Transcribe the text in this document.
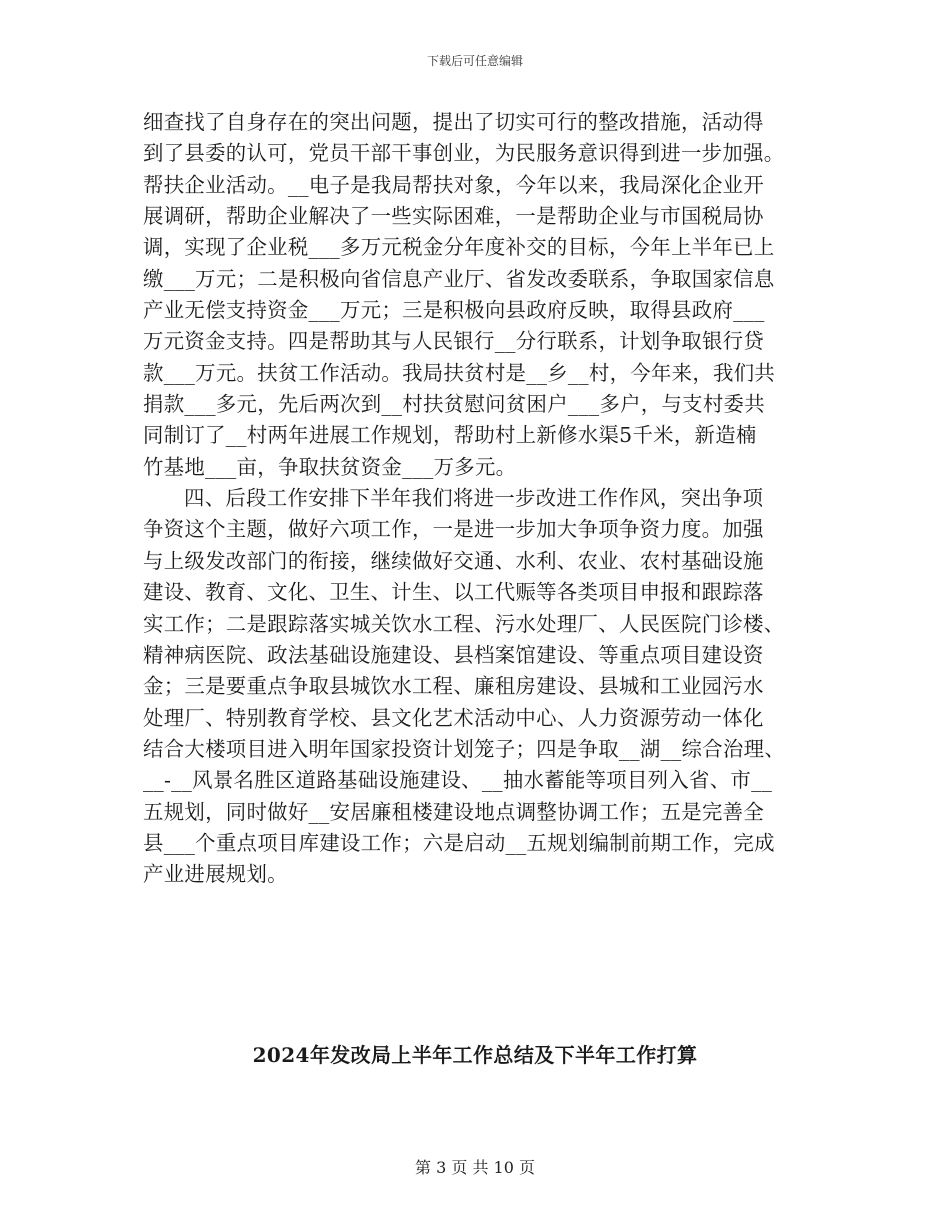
下载后可任意编辑
细查找了自身存在的突出问题，提出了切实可行的整改措施，活动得
到了县委的认可，党员干部干事创业，为民服务意识得到进一步加强。
帮扶企业活动。__电子是我局帮扶对象，今年以来，我局深化企业开
展调研，帮助企业解决了一些实际困难，一是帮助企业与市国税局协
调，实现了企业税___多万元税金分年度补交的目标，今年上半年已上
缴___万元；二是积极向省信息产业厅、省发改委联系，争取国家信息
产业无偿支持资金___万元；三是积极向县政府反映，取得县政府___
万元资金支持。四是帮助其与人民银行__分行联系，计划争取银行贷
款___万元。扶贫工作活动。我局扶贫村是__乡__村，今年来，我们共
捐款___多元，先后两次到__村扶贫慰问贫困户___多户，与支村委共
同制订了__村两年进展工作规划，帮助村上新修水渠5千米，新造楠
竹基地___亩，争取扶贫资金___万多元。
四、后段工作安排下半年我们将进一步改进工作作风，突出争项
争资这个主题，做好六项工作，一是进一步加大争项争资力度。加强
与上级发改部门的衔接，继续做好交通、水利、农业、农村基础设施
建设、教育、文化、卫生、计生、以工代赈等各类项目申报和跟踪落
实工作；二是跟踪落实城关饮水工程、污水处理厂、人民医院门诊楼、
精神病医院、政法基础设施建设、县档案馆建设、等重点项目建设资
金；三是要重点争取县城饮水工程、廉租房建设、县城和工业园污水
处理厂、特别教育学校、县文化艺术活动中心、人力资源劳动一体化
结合大楼项目进入明年国家投资计划笼子；四是争取__湖__综合治理、
__-__风景名胜区道路基础设施建设、__抽水蓄能等项目列入省、市__
五规划，同时做好__安居廉租楼建设地点调整协调工作；五是完善全
县___个重点项目库建设工作；六是启动__五规划编制前期工作，完成
产业进展规划。
2024年发改局上半年工作总结及下半年工作打算
第 3 页 共 10 页
